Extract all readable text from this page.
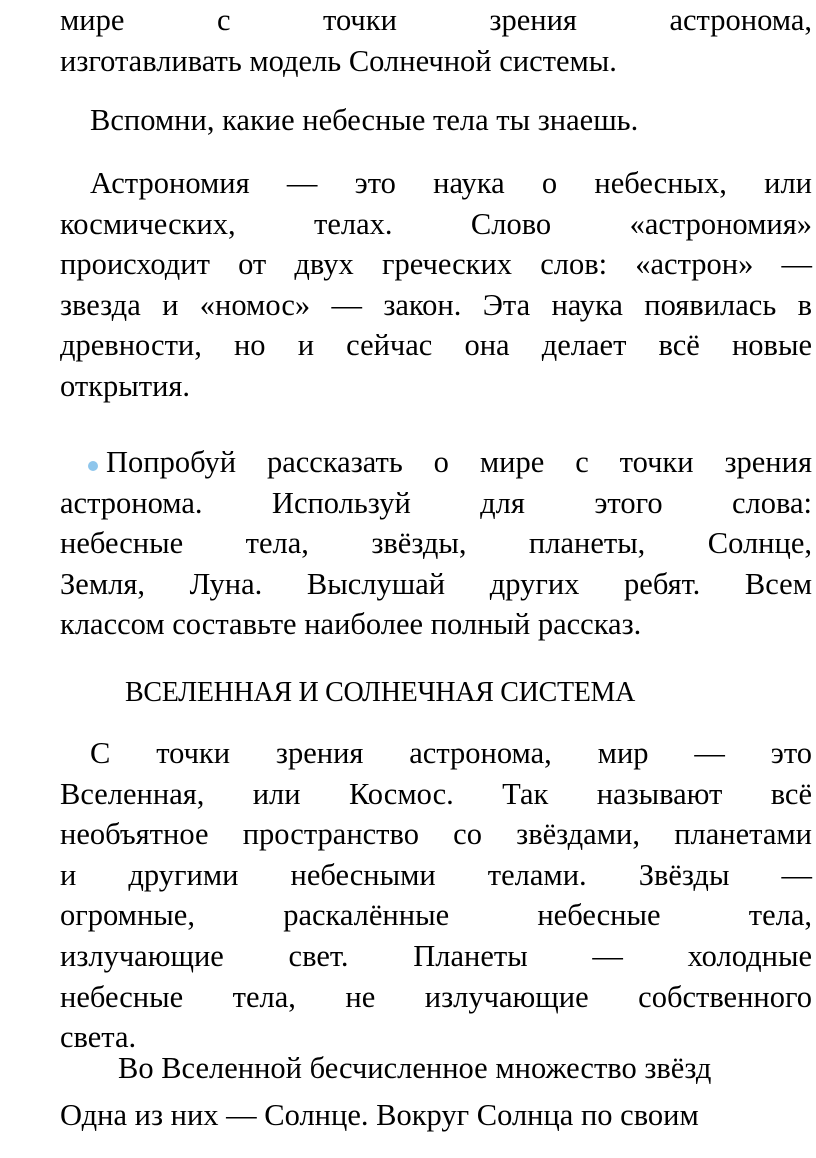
мире с точки зрения астронома,
изготавливать модель Солнечной системы.
Вспомни, какие небесные тела ты знаешь.
Астрономия — это наука о небесных, или
космических, телах. Слово «астрономия»
происходит от двух греческих слов: «астрон» —
звезда и «номос» — закон. Эта наука появилась в
древности, но и сейчас она делает всё новые
открытия.
Попробуй рассказать о мире с точки зрения
астронома. Используй для этого слова:
небесные тела, звёзды, планеты, Солнце,
Земля, Луна. Выслушай других ребят. Всем
классом составьте наиболее полный рассказ.
ВСЕЛЕННАЯ И СОЛНЕЧНАЯ СИСТЕМА
С точки зрения астронома, мир — это
Вселенная, или Космос. Так называют всё
необъятное пространство со звёздами, планетами
и другими небесными телами. Звёзды —
огромные, раскалённые небесные тела,
излучающие свет. Планеты — холодные
небесные тела, не излучающие собственного
света.
Во Вселенной бесчисленное множество звёзд
Одна из них — Солнце. Вокруг Солнца по своим
